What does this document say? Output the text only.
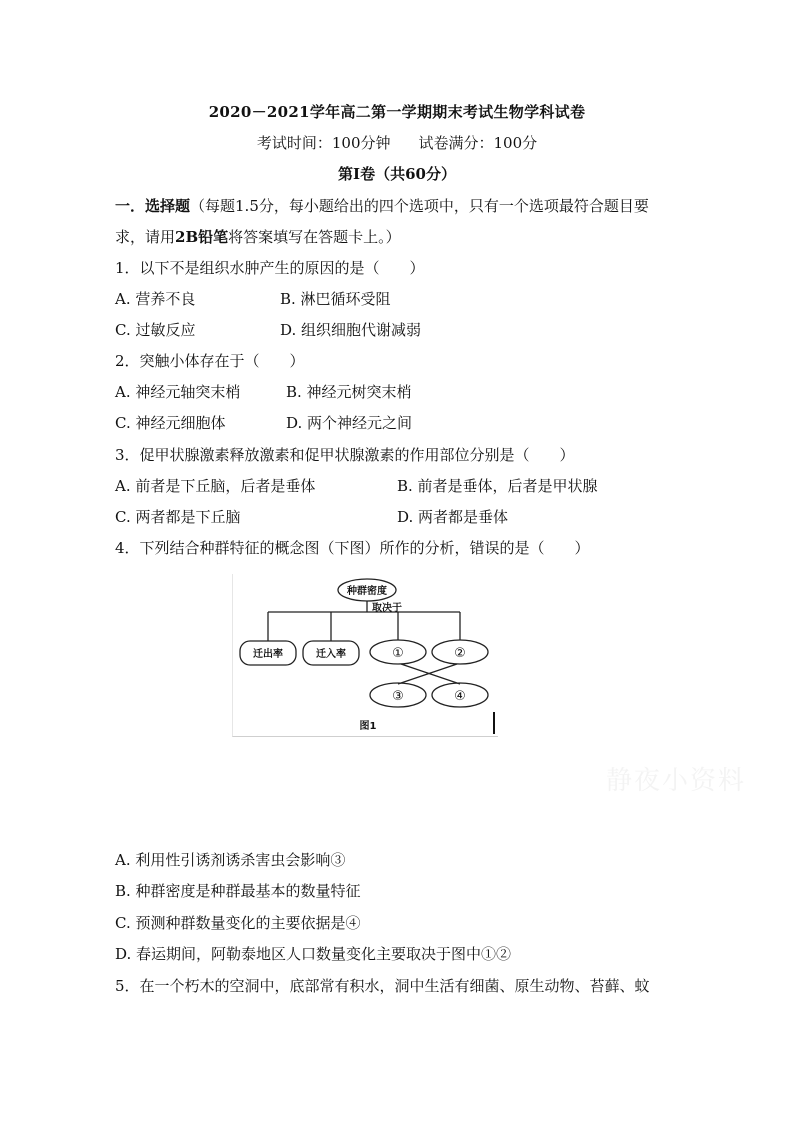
2020－2021学年高二第一学期期末考试生物学科试卷
考试时间：100分钟 试卷满分：100分
第Ⅰ卷（共60分）
一．选择题（每题1.5分，每小题给出的四个选项中，只有一个选项最符合题目要
求，请用2B铅笔将答案填写在答题卡上。）
1．以下不是组织水肿产生的原因的是（　　）
A. 营养不良	B. 淋巴循环受阻
C. 过敏反应	D. 组织细胞代谢减弱
2．突触小体存在于（　　）
A. 神经元轴突末梢	B. 神经元树突末梢
C. 神经元细胞体	D. 两个神经元之间
3．促甲状腺激素释放激素和促甲状腺激素的作用部位分别是（　　）
A. 前者是下丘脑，后者是垂体	B. 前者是垂体，后者是甲状腺
C. 两者都是下丘脑	D. 两者都是垂体
4．下列结合种群特征的概念图（下图）所作的分析，错误的是（　　）
种群密度
取决于
迁出率	迁入率	①	②
③	④
图1
静夜小资料
A. 利用性引诱剂诱杀害虫会影响③
B. 种群密度是种群最基本的数量特征
C. 预测种群数量变化的主要依据是④
D. 春运期间，阿勒泰地区人口数量变化主要取决于图中①②
5．在一个朽木的空洞中，底部常有积水，洞中生活有细菌、原生动物、苔藓、蚊
